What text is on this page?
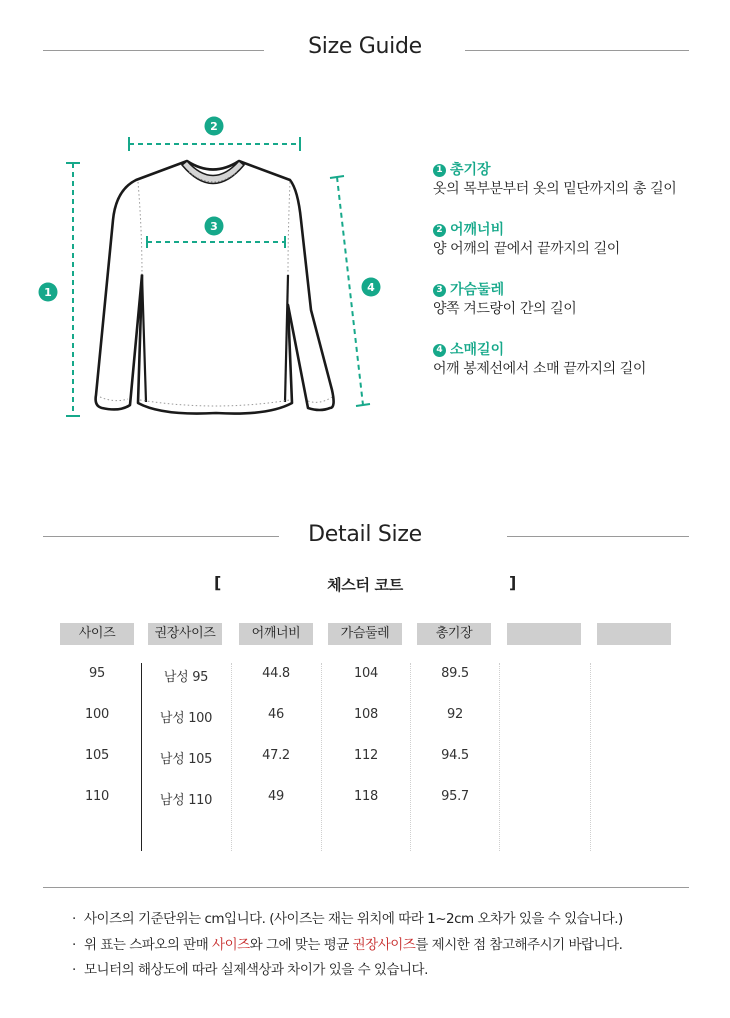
Size Guide
1
2
3
4
1 총기장
옷의 목부분부터 옷의 밑단까지의 총 길이
2 어깨너비
양 어깨의 끝에서 끝까지의 길이
3 가슴둘레
양쪽 겨드랑이 간의 길이
4 소매길이
어깨 봉제선에서 소매 끝까지의 길이
Detail Size
[	체스터 코트	]
사이즈	권장사이즈	어깨너비	가슴둘레	총기장
95	남성 95	44.8	104	89.5
100	남성 100	46	108	92
105	남성 105	47.2	112	94.5
110	남성 110	49	118	95.7
· 사이즈의 기준단위는 cm입니다. (사이즈는 재는 위치에 따라 1~2cm 오차가 있을 수 있습니다.)
· 위 표는 스파오의 판매 사이즈와 그에 맞는 평균 권장사이즈를 제시한 점 참고해주시기 바랍니다.
· 모니터의 해상도에 따라 실제색상과 차이가 있을 수 있습니다.
